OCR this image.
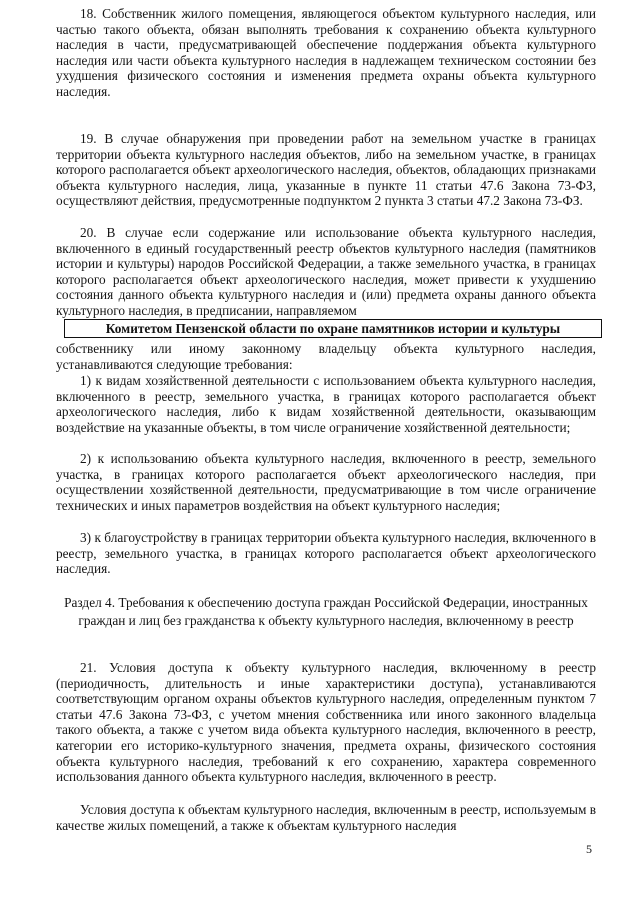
18. Собственник жилого помещения, являющегося объектом культурного наследия, или частью такого объекта, обязан выполнять требования к сохранению объекта культурного наследия в части, предусматривающей обеспечение поддержания объекта культурного наследия или части объекта культурного наследия в надлежащем техническом состоянии без ухудшения физического состояния и изменения предмета охраны объекта культурного наследия.

19. В случае обнаружения при проведении работ на земельном участке в границах территории объекта культурного наследия объектов, либо на земельном участке, в границах которого располагается объект археологического наследия, объектов, обладающих признаками объекта культурного наследия, лица, указанные в пункте 11 статьи 47.6 Закона 73-ФЗ, осуществляют действия, предусмотренные подпунктом 2 пункта 3 статьи 47.2 Закона 73-ФЗ.

20. В случае если содержание или использование объекта культурного наследия, включенного в единый государственный реестр объектов культурного наследия (памятников истории и культуры) народов Российской Федерации, а также земельного участка, в границах которого располагается объект археологического наследия, может привести к ухудшению состояния данного объекта культурного наследия и (или) предмета охраны данного объекта культурного наследия, в предписании, направляемом

Комитетом Пензенской области по охране памятников истории и культуры

собственнику или иному законному владельцу объекта культурного наследия, устанавливаются следующие требования:

1) к видам хозяйственной деятельности с использованием объекта культурного наследия, включенного в реестр, земельного участка, в границах которого располагается объект археологического наследия, либо к видам хозяйственной деятельности, оказывающим воздействие на указанные объекты, в том числе ограничение хозяйственной деятельности;

2) к использованию объекта культурного наследия, включенного в реестр, земельного участка, в границах которого располагается объект археологического наследия, при осуществлении хозяйственной деятельности, предусматривающие в том числе ограничение технических и иных параметров воздействия на объект культурного наследия;

3) к благоустройству в границах территории объекта культурного наследия, включенного в реестр, земельного участка, в границах которого располагается объект археологического наследия.

Раздел 4. Требования к обеспечению доступа граждан Российской Федерации, иностранных граждан и лиц без гражданства к объекту культурного наследия, включенному в реестр

21. Условия доступа к объекту культурного наследия, включенному в реестр (периодичность, длительность и иные характеристики доступа), устанавливаются соответствующим органом охраны объектов культурного наследия, определенным пунктом 7 статьи 47.6 Закона 73-ФЗ, с учетом мнения собственника или иного законного владельца такого объекта, а также с учетом вида объекта культурного наследия, включенного в реестр, категории его историко-культурного значения, предмета охраны, физического состояния объекта культурного наследия, требований к его сохранению, характера современного использования данного объекта культурного наследия, включенного в реестр.

Условия доступа к объектам культурного наследия, включенным в реестр, используемым в качестве жилых помещений, а также к объектам культурного наследия

5
